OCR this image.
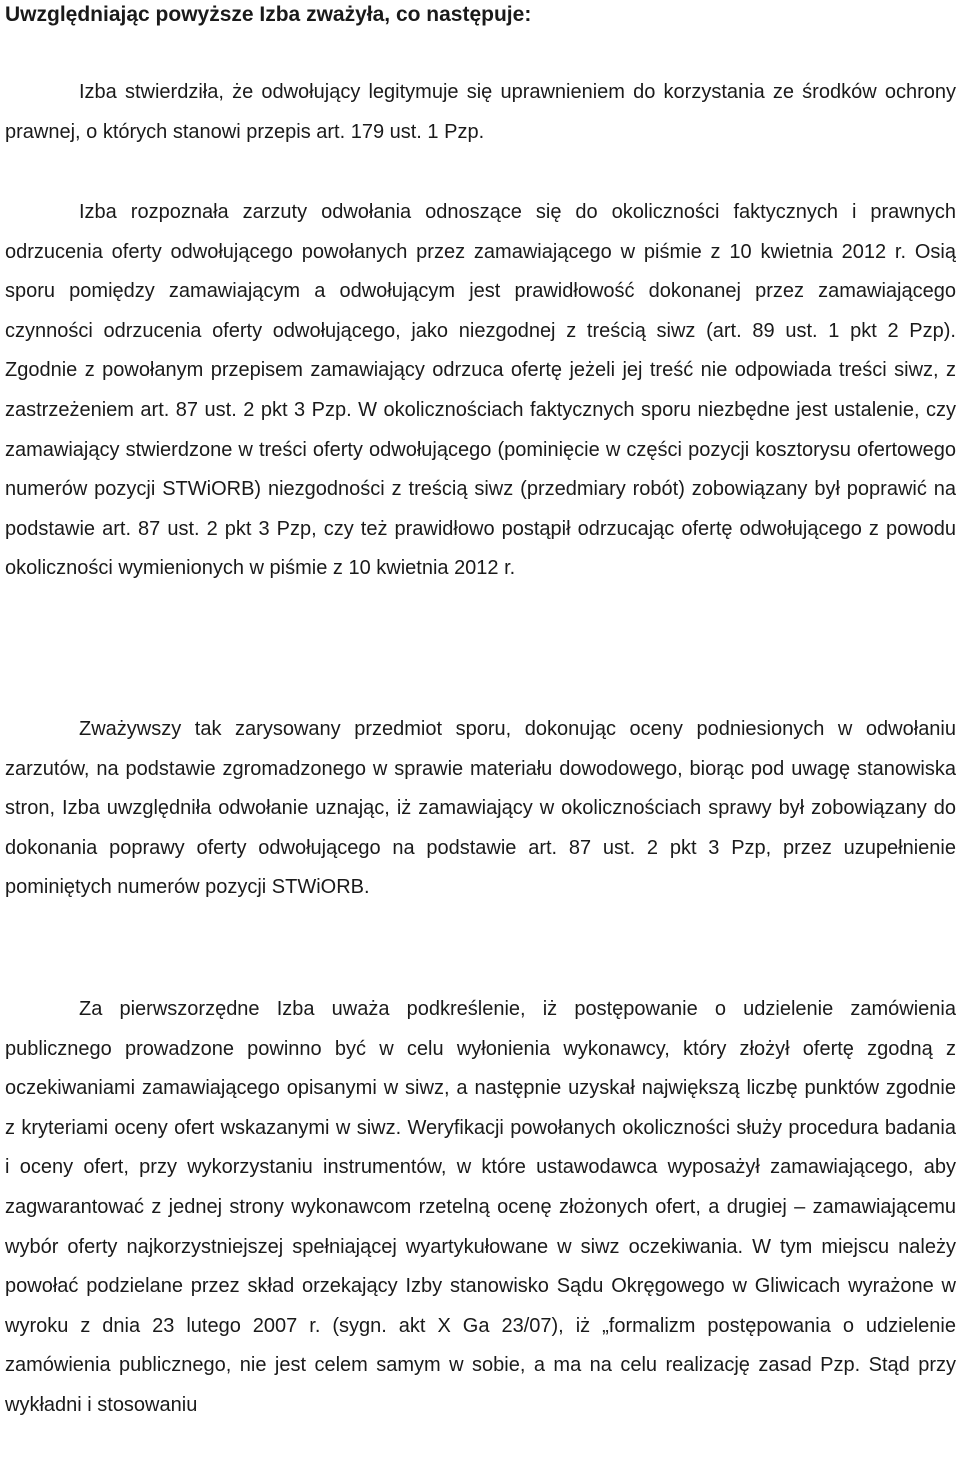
Uwzględniając powyższe Izba zważyła, co następuje:

Izba stwierdziła, że odwołujący legitymuje się uprawnieniem do korzystania ze środków ochrony prawnej, o których stanowi przepis art. 179 ust. 1 Pzp.

Izba rozpoznała zarzuty odwołania odnoszące się do okoliczności faktycznych i prawnych odrzucenia oferty odwołującego powołanych przez zamawiającego w piśmie z 10 kwietnia 2012 r. Osią sporu pomiędzy zamawiającym a odwołującym jest prawidłowość dokonanej przez zamawiającego czynności odrzucenia oferty odwołującego, jako niezgodnej z treścią siwz (art. 89 ust. 1 pkt 2 Pzp). Zgodnie z powołanym przepisem zamawiający odrzuca ofertę jeżeli jej treść nie odpowiada treści siwz, z zastrzeżeniem art. 87 ust. 2 pkt 3 Pzp. W okolicznościach faktycznych sporu niezbędne jest ustalenie, czy zamawiający stwierdzone w treści oferty odwołującego (pominięcie w części pozycji kosztorysu ofertowego numerów pozycji STWiORB) niezgodności z treścią siwz (przedmiary robót) zobowiązany był poprawić na podstawie art. 87 ust. 2 pkt 3 Pzp, czy też prawidłowo postąpił odrzucając ofertę odwołującego z powodu okoliczności wymienionych w piśmie z 10 kwietnia 2012 r.

Zważywszy tak zarysowany przedmiot sporu, dokonując oceny podniesionych w odwołaniu zarzutów, na podstawie zgromadzonego w sprawie materiału dowodowego, biorąc pod uwagę stanowiska stron, Izba uwzględniła odwołanie uznając, iż zamawiający w okolicznościach sprawy był zobowiązany do dokonania poprawy oferty odwołującego na podstawie art. 87 ust. 2 pkt 3 Pzp, przez uzupełnienie pominiętych numerów pozycji STWiORB.

Za pierwszorzędne Izba uważa podkreślenie, iż postępowanie o udzielenie zamówienia publicznego prowadzone powinno być w celu wyłonienia wykonawcy, który złożył ofertę zgodną z oczekiwaniami zamawiającego opisanymi w siwz, a następnie uzyskał największą liczbę punktów zgodnie z kryteriami oceny ofert wskazanymi w siwz. Weryfikacji powołanych okoliczności służy procedura badania i oceny ofert, przy wykorzystaniu instrumentów, w które ustawodawca wyposażył zamawiającego, aby zagwarantować z jednej strony wykonawcom rzetelną ocenę złożonych ofert, a drugiej – zamawiającemu wybór oferty najkorzystniejszej spełniającej wyartykułowane w siwz oczekiwania. W tym miejscu należy powołać podzielane przez skład orzekający Izby stanowisko Sądu Okręgowego w Gliwicach wyrażone w wyroku z dnia 23 lutego 2007 r. (sygn. akt X Ga 23/07), iż „formalizm postępowania o udzielenie zamówienia publicznego, nie jest celem samym w sobie, a ma na celu realizację zasad Pzp. Stąd przy wykładni i stosowaniu
